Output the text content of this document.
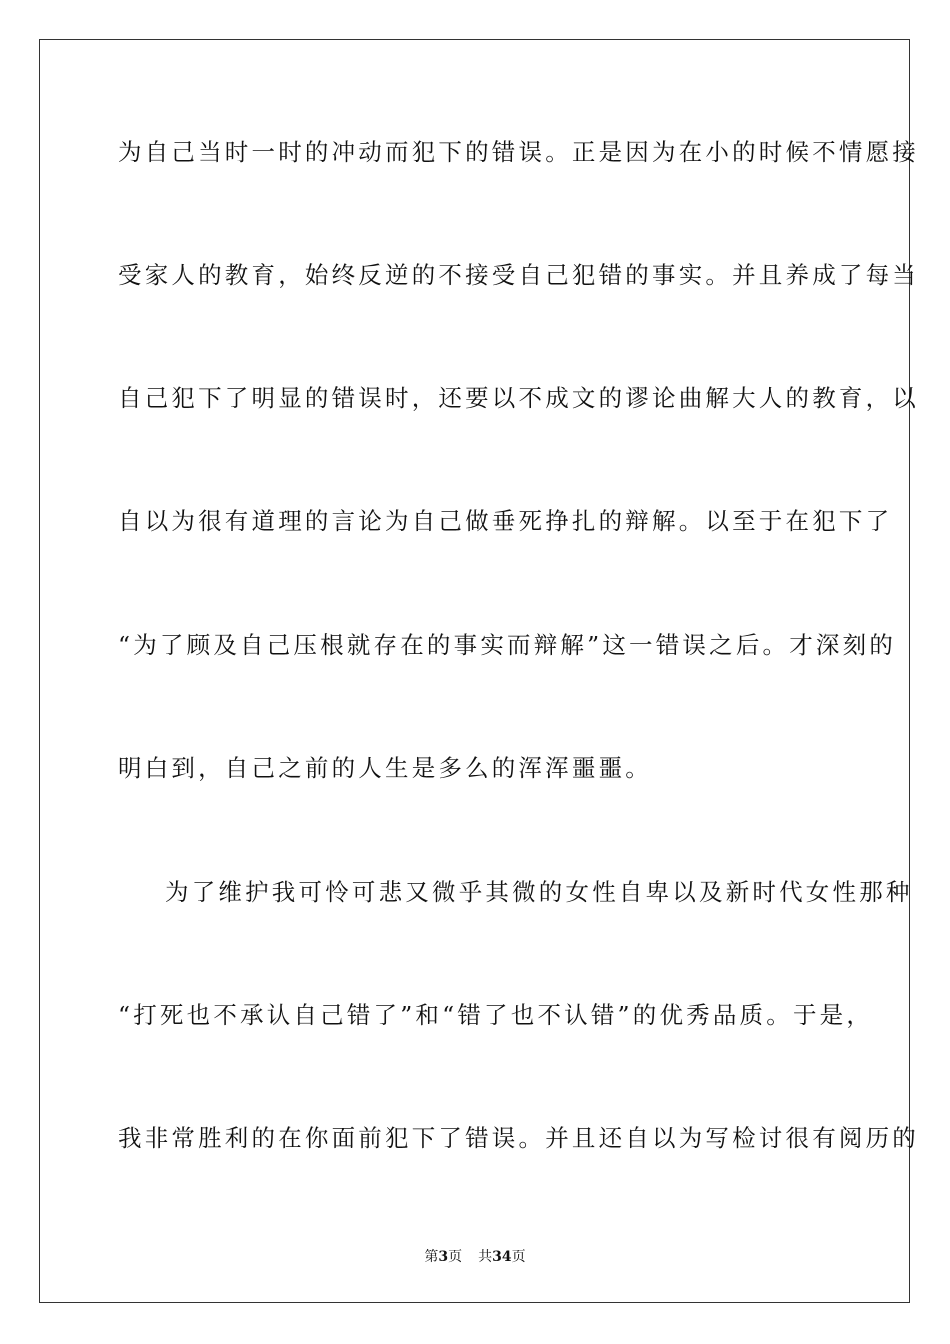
为自己当时一时的冲动而犯下的错误。正是因为在小的时候不情愿接
受家人的教育，始终反逆的不接受自己犯错的事实。并且养成了每当
自己犯下了明显的错误时，还要以不成文的谬论曲解大人的教育，以
自以为很有道理的言论为自己做垂死挣扎的辩解。以至于在犯下了
“为了顾及自己压根就存在的事实而辩解”这一错误之后。才深刻的
明白到，自己之前的人生是多么的浑浑噩噩。
为了维护我可怜可悲又微乎其微的女性自卑以及新时代女性那种
“打死也不承认自己错了”和“错了也不认错”的优秀品质。于是，
我非常胜利的在你面前犯下了错误。并且还自以为写检讨很有阅历的
第3页 共34页
